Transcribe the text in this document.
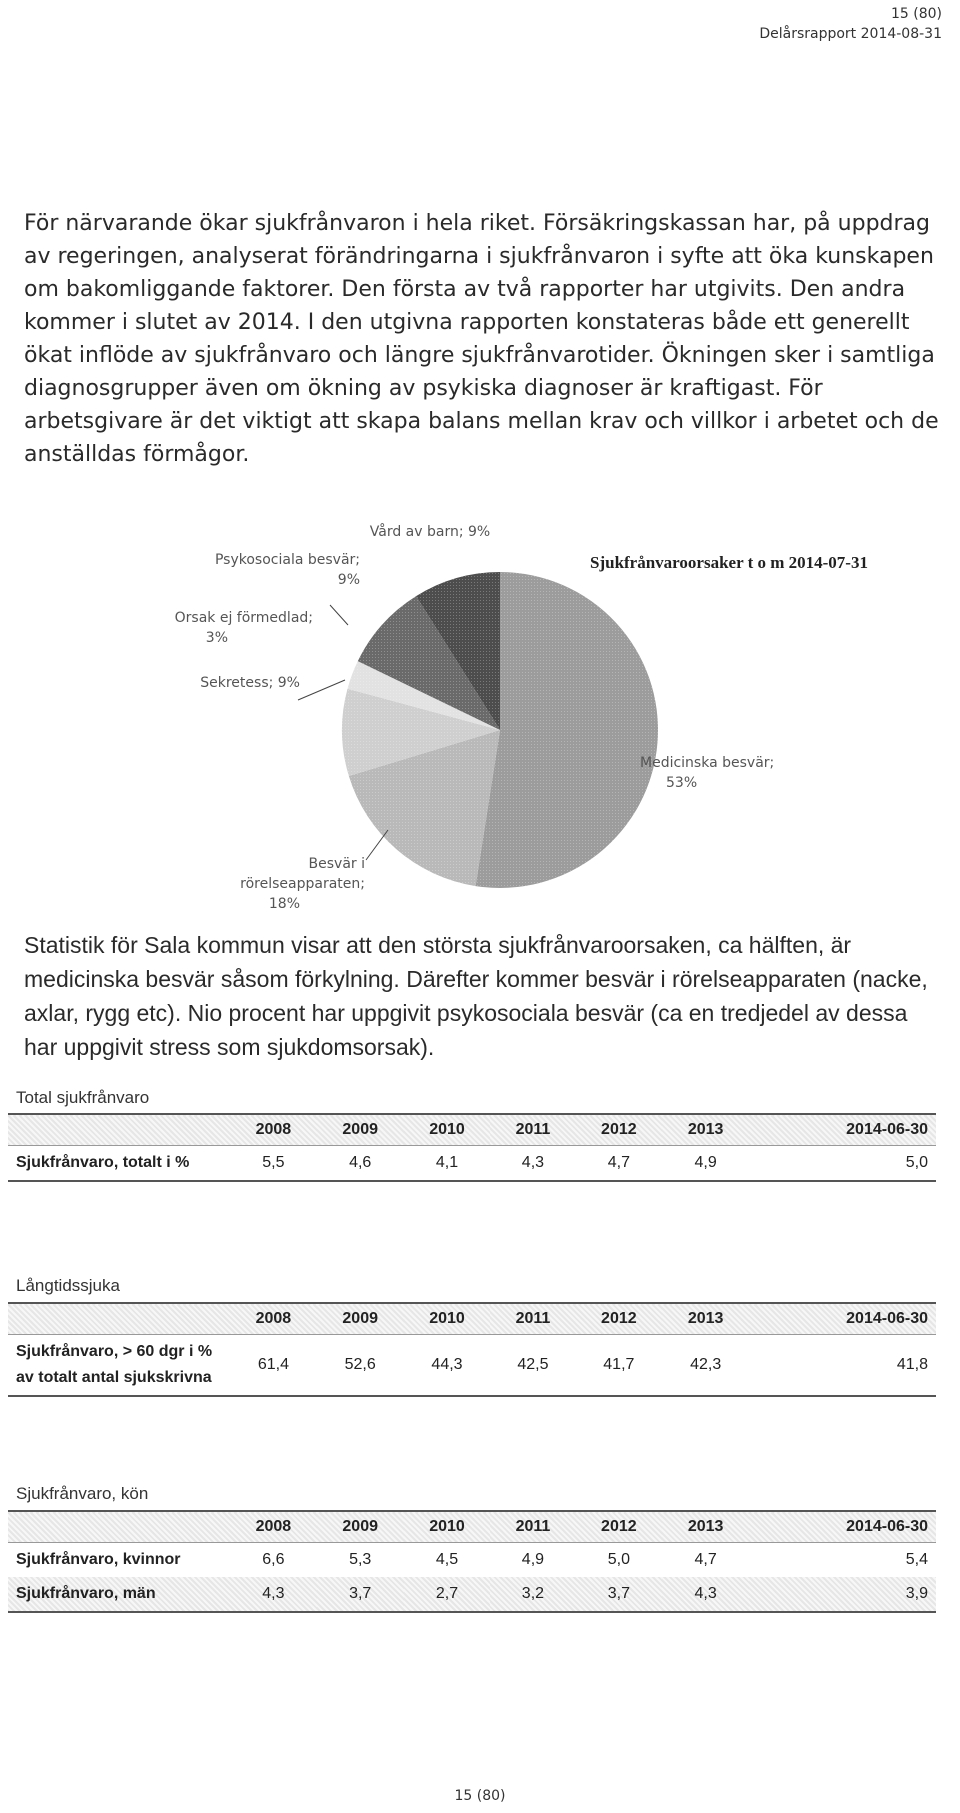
15 (80)
Delårsrapport 2014-08-31

För närvarande ökar sjukfrånvaron i hela riket. Försäkringskassan har, på uppdrag av regeringen, analyserat förändringarna i sjukfrånvaron i syfte att öka kunskapen om bakomliggande faktorer. Den första av två rapporter har utgivits. Den andra kommer i slutet av 2014. I den utgivna rapporten konstateras både ett generellt ökat inflöde av sjukfrånvaro och längre sjukfrånvarotider. Ökningen sker i samtliga diagnosgrupper även om ökning av psykiska diagnoser är kraftigast. För arbetsgivare är det viktigt att skapa balans mellan krav och villkor i arbetet och de anställdas förmågor.

Sjukfrånvaroorsaker t o m 2014-07-31
Medicinska besvär;
53%
Besvär i
rörelseapparaten;
18%
Sekretess; 9%
Orsak ej förmedlad;
3%
Psykosociala besvär;
9%
Vård av barn; 9%

Statistik för Sala kommun visar att den största sjukfrånvaroorsaken, ca hälften, är medicinska besvär såsom förkylning. Därefter kommer besvär i rörelseapparaten (nacke, axlar, rygg etc). Nio procent har uppgivit psykosociala besvär (ca en tredjedel av dessa har uppgivit stress som sjukdomsorsak).

Total sjukfrånvaro
	2008	2009	2010	2011	2012	2013	2014-06-30
Sjukfrånvaro, totalt i %	5,5	4,6	4,1	4,3	4,7	4,9	5,0
Långtidssjuka
	2008	2009	2010	2011	2012	2013	2014-06-30
Sjukfrånvaro, > 60 dgr i % av totalt antal sjukskrivna	61,4	52,6	44,3	42,5	41,7	42,3	41,8
Sjukfrånvaro, kön
	2008	2009	2010	2011	2012	2013	2014-06-30
Sjukfrånvaro, kvinnor	6,6	5,3	4,5	4,9	5,0	4,7	5,4
Sjukfrånvaro, män	4,3	3,7	2,7	3,2	3,7	4,3	3,9
15 (80)
